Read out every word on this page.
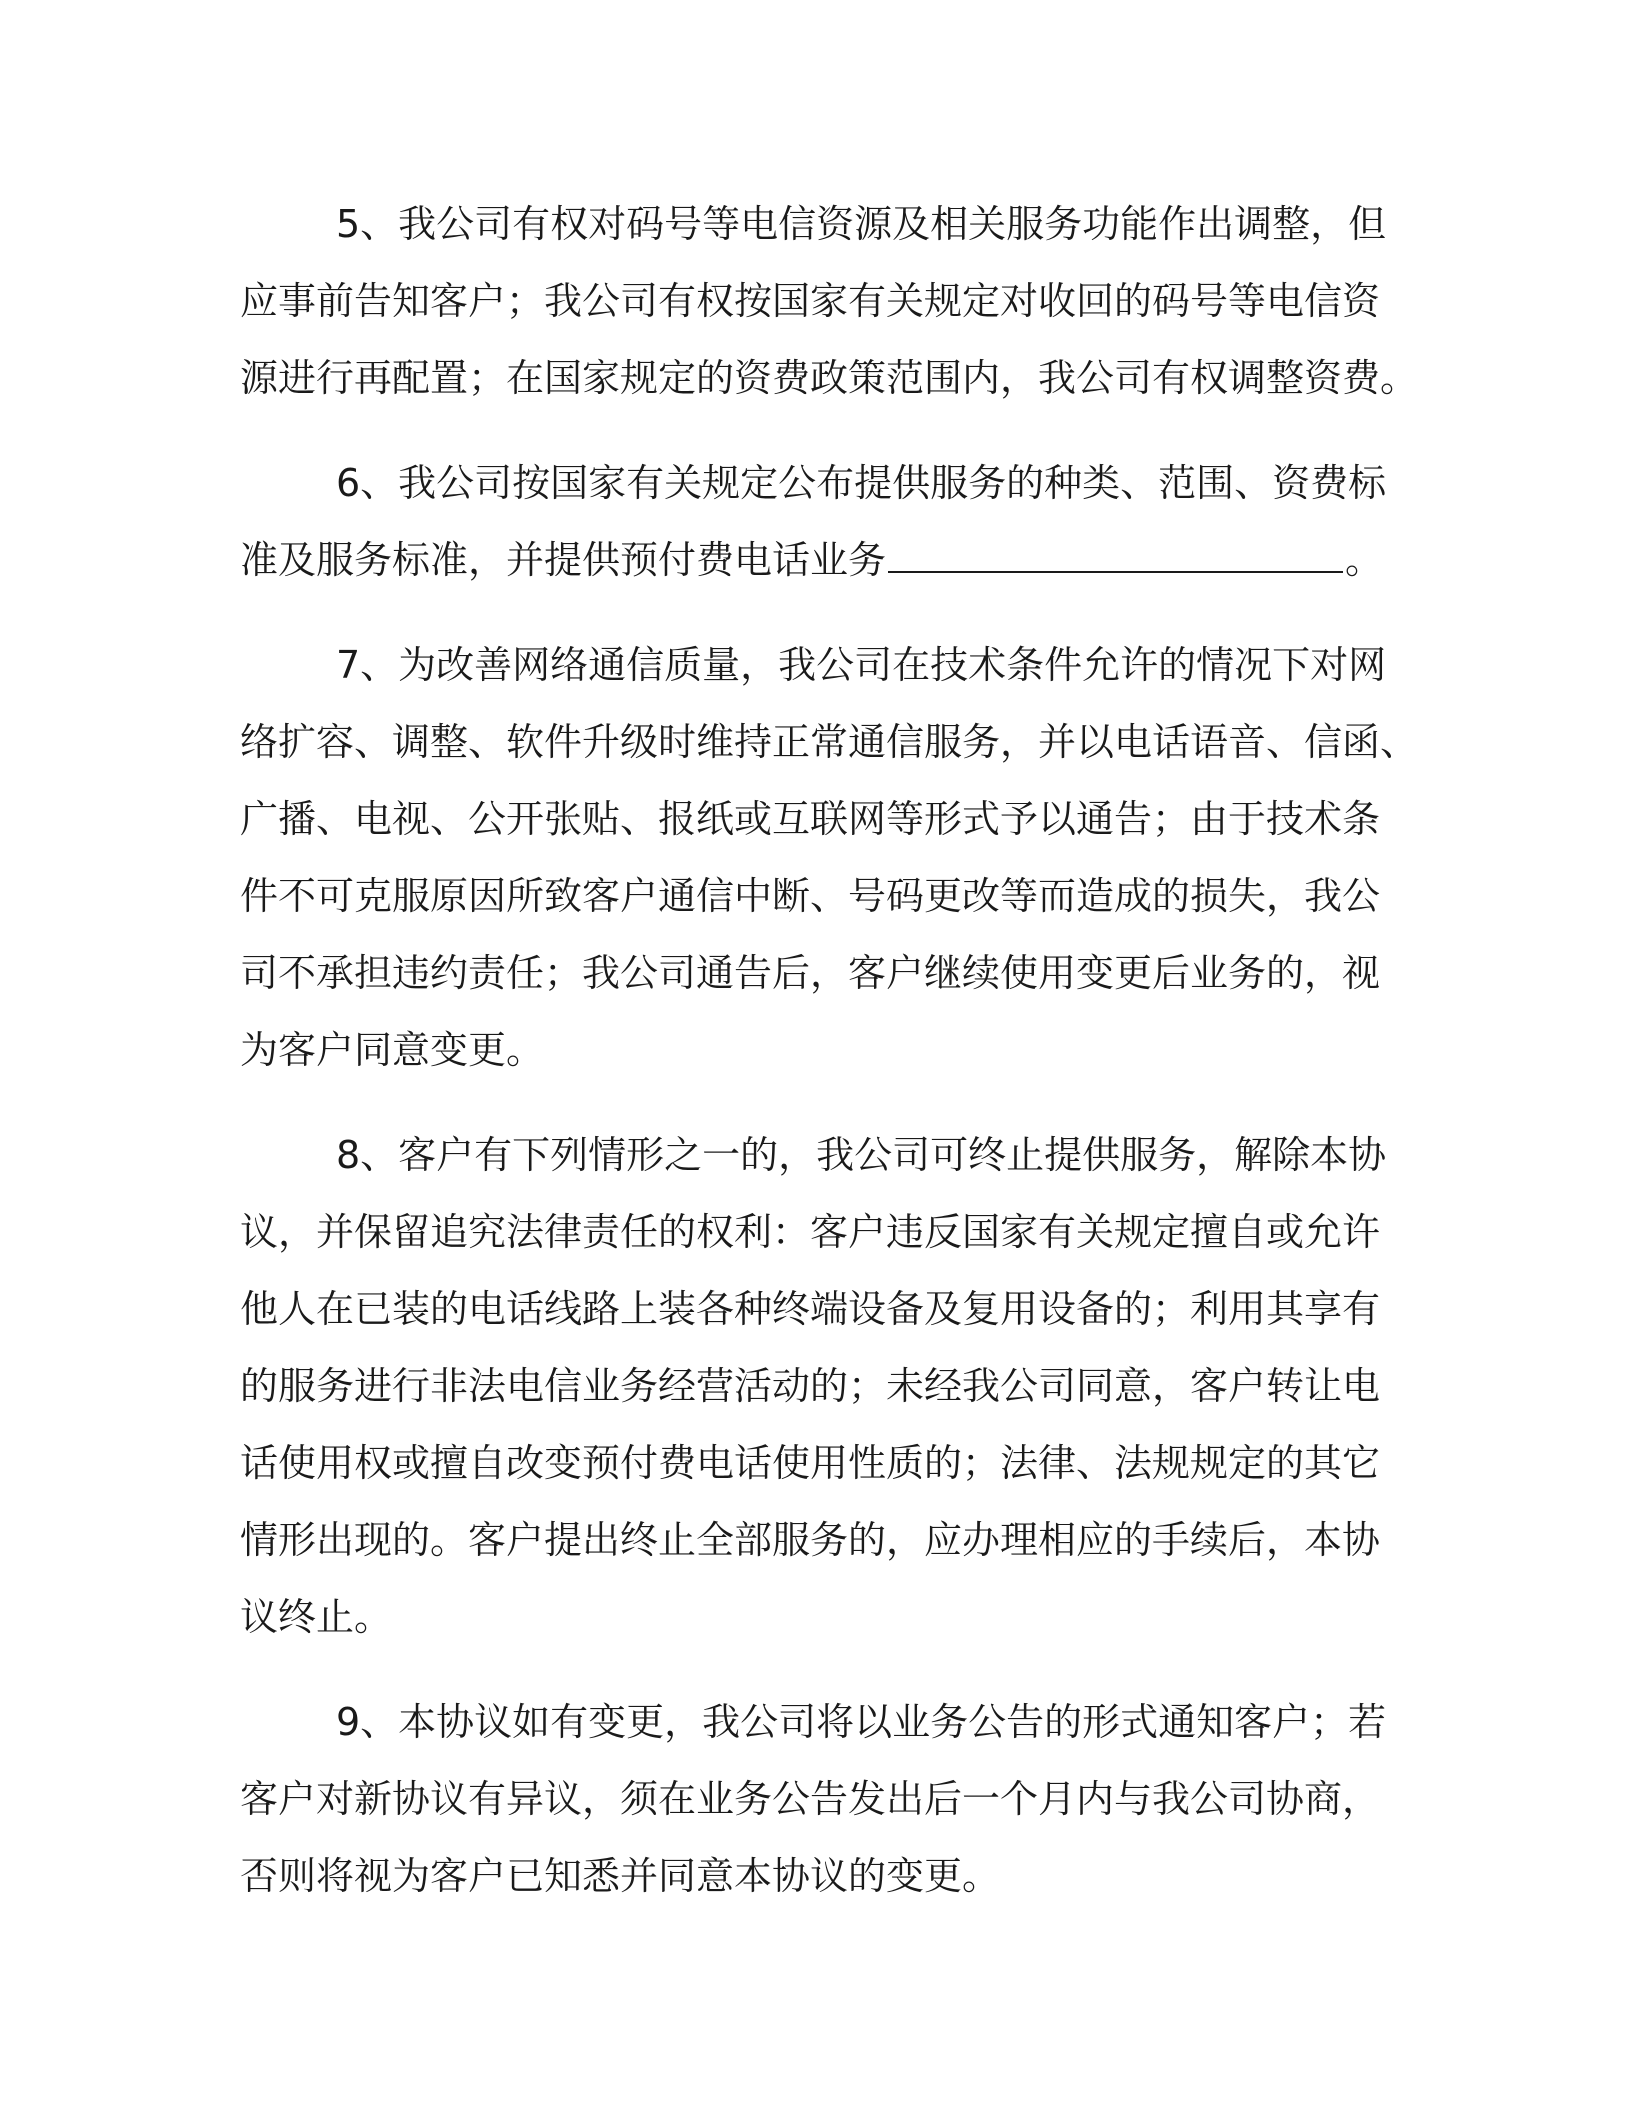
5、我公司有权对码号等电信资源及相关服务功能作出调整，但
应事前告知客户；我公司有权按国家有关规定对收回的码号等电信资
源进行再配置；在国家规定的资费政策范围内，我公司有权调整资费。
6、我公司按国家有关规定公布提供服务的种类、范围、资费标
准及服务标准，并提供预付费电话业务	。
7、为改善网络通信质量，我公司在技术条件允许的情况下对网
络扩容、调整、软件升级时维持正常通信服务，并以电话语音、信函、
广播、电视、公开张贴、报纸或互联网等形式予以通告；由于技术条
件不可克服原因所致客户通信中断、号码更改等而造成的损失，我公
司不承担违约责任；我公司通告后，客户继续使用变更后业务的，视
为客户同意变更。
8、客户有下列情形之一的，我公司可终止提供服务，解除本协
议，并保留追究法律责任的权利：客户违反国家有关规定擅自或允许
他人在已装的电话线路上装各种终端设备及复用设备的；利用其享有
的服务进行非法电信业务经营活动的；未经我公司同意，客户转让电
话使用权或擅自改变预付费电话使用性质的；法律、法规规定的其它
情形出现的。客户提出终止全部服务的，应办理相应的手续后，本协
议终止。
9、本协议如有变更，我公司将以业务公告的形式通知客户；若
客户对新协议有异议，须在业务公告发出后一个月内与我公司协商，
否则将视为客户已知悉并同意本协议的变更。
